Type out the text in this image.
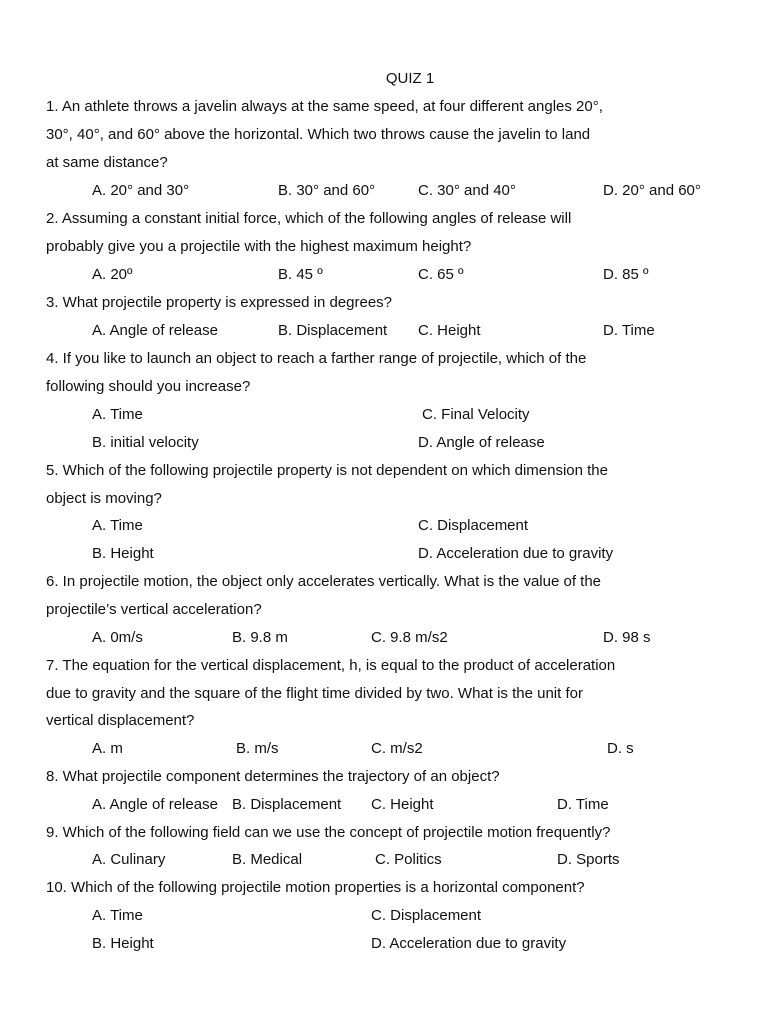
QUIZ 1
1. An athlete throws a javelin always at the same speed, at four different angles 20°,
30°, 40°, and 60° above the horizontal. Which two throws cause the javelin to land
at same distance?
A. 20° and 30°	B. 30° and 60°	C. 30° and 40°	D. 20° and 60°
2. Assuming a constant initial force, which of the following angles of release will
probably give you a projectile with the highest maximum height?
A. 20º	B. 45 º	C. 65 º	D. 85 º
3. What projectile property is expressed in degrees?
A. Angle of release	B. Displacement C. Height	D. Time
4. If you like to launch an object to reach a farther range of projectile, which of the
following should you increase?
A. Time	C. Final Velocity
B. initial velocity	D. Angle of release
5. Which of the following projectile property is not dependent on which dimension the
object is moving?
A. Time	C. Displacement
B. Height	D. Acceleration due to gravity
6. In projectile motion, the object only accelerates vertically. What is the value of the
projectile’s vertical acceleration?
A. 0m/s	B. 9.8 m	C. 9.8 m/s2	D. 98 s
7. The equation for the vertical displacement, h, is equal to the product of acceleration
due to gravity and the square of the flight time divided by two. What is the unit for
vertical displacement?
A. m	B. m/s	C. m/s2	D. s
8. What projectile component determines the trajectory of an object?
A. Angle of release B. Displacement C. Height	D. Time
9. Which of the following field can we use the concept of projectile motion frequently?
A. Culinary	B. Medical	C. Politics	D. Sports
10. Which of the following projectile motion properties is a horizontal component?
A. Time	C. Displacement
B. Height	D. Acceleration due to gravity
